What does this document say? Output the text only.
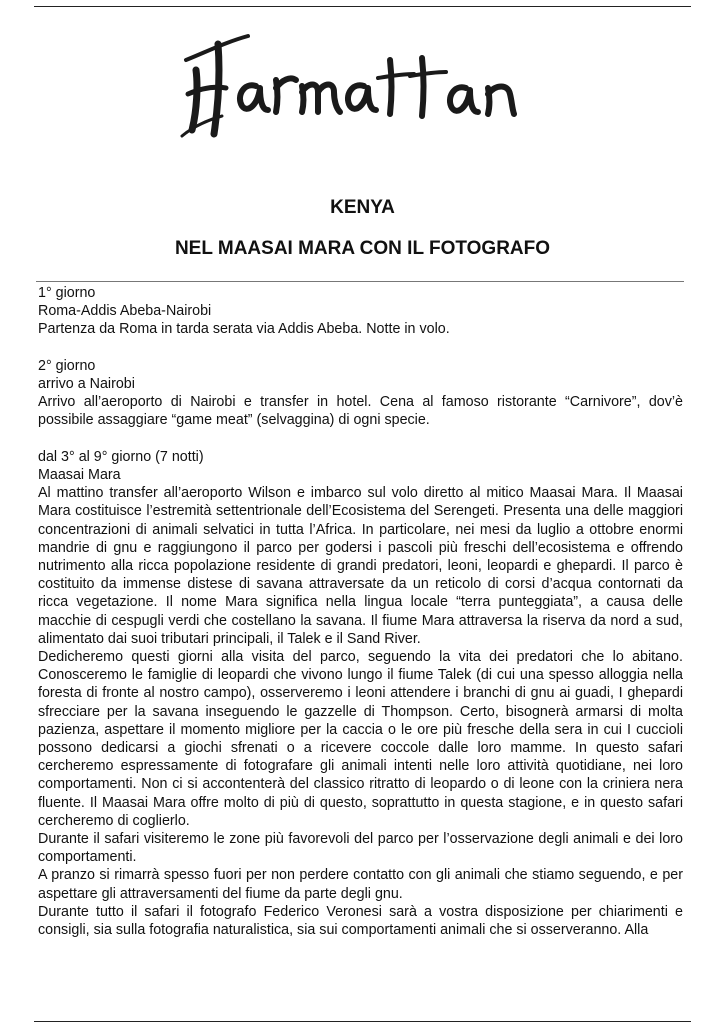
KENYA
NEL MAASAI MARA CON IL FOTOGRAFO

1° giorno

Roma-Addis Abeba-Nairobi

Partenza da Roma in tarda serata via Addis Abeba. Notte in volo.

2° giorno

arrivo a Nairobi

Arrivo all’aeroporto di Nairobi e transfer in hotel. Cena al famoso ristorante “Carnivore”, dov’è possibile assaggiare “game meat” (selvaggina) di ogni specie.

dal 3° al 9° giorno (7 notti)

Maasai Mara

Al mattino transfer all’aeroporto Wilson e imbarco sul volo diretto al mitico Maasai Mara. Il Maasai Mara costituisce l’estremità settentrionale dell’Ecosistema del Serengeti. Presenta una delle maggiori concentrazioni di animali selvatici in tutta l’Africa. In particolare, nei mesi da luglio a ottobre enormi mandrie di gnu e raggiungono il parco per godersi i pascoli più freschi dell’ecosistema e offrendo nutrimento alla ricca popolazione residente di grandi predatori, leoni, leopardi e ghepardi. Il parco è costituito da immense distese di savana attraversate da un reticolo di corsi d’acqua contornati da ricca vegetazione. Il nome Mara significa nella lingua locale “terra punteggiata”, a causa delle macchie di cespugli verdi che costellano la savana. Il fiume Mara attraversa la riserva da nord a sud, alimentato dai suoi tributari principali, il Talek e il Sand River.

Dedicheremo questi giorni alla visita del parco, seguendo la vita dei predatori che lo abitano. Conosceremo le famiglie di leopardi che vivono lungo il fiume Talek (di cui una spesso alloggia nella foresta di fronte al nostro campo), osserveremo i leoni attendere i branchi di gnu ai guadi, I ghepardi sfrecciare per la savana inseguendo le gazzelle di Thompson. Certo, bisognerà armarsi di molta pazienza, aspettare il momento migliore per la caccia o le ore più fresche della sera in cui I cuccioli possono dedicarsi a giochi sfrenati o a ricevere coccole dalle loro mamme. In questo safari cercheremo espressamente di fotografare gli animali intenti nelle loro attività quotidiane, nei loro comportamenti. Non ci si accontenterà del classico ritratto di leopardo o di leone con la criniera nera fluente. Il Maasai Mara offre molto di più di questo, soprattutto in questa stagione, e in questo safari cercheremo di coglierlo.

Durante il safari visiteremo le zone più favorevoli del parco per l’osservazione degli animali e dei loro comportamenti.

A pranzo si rimarrà spesso fuori per non perdere contatto con gli animali che stiamo seguendo, e per aspettare gli attraversamenti del fiume da parte degli gnu.

Durante tutto il safari il fotografo Federico Veronesi sarà a vostra disposizione per chiarimenti e consigli, sia sulla fotografia naturalistica, sia sui comportamenti animali che si osserveranno. Alla
